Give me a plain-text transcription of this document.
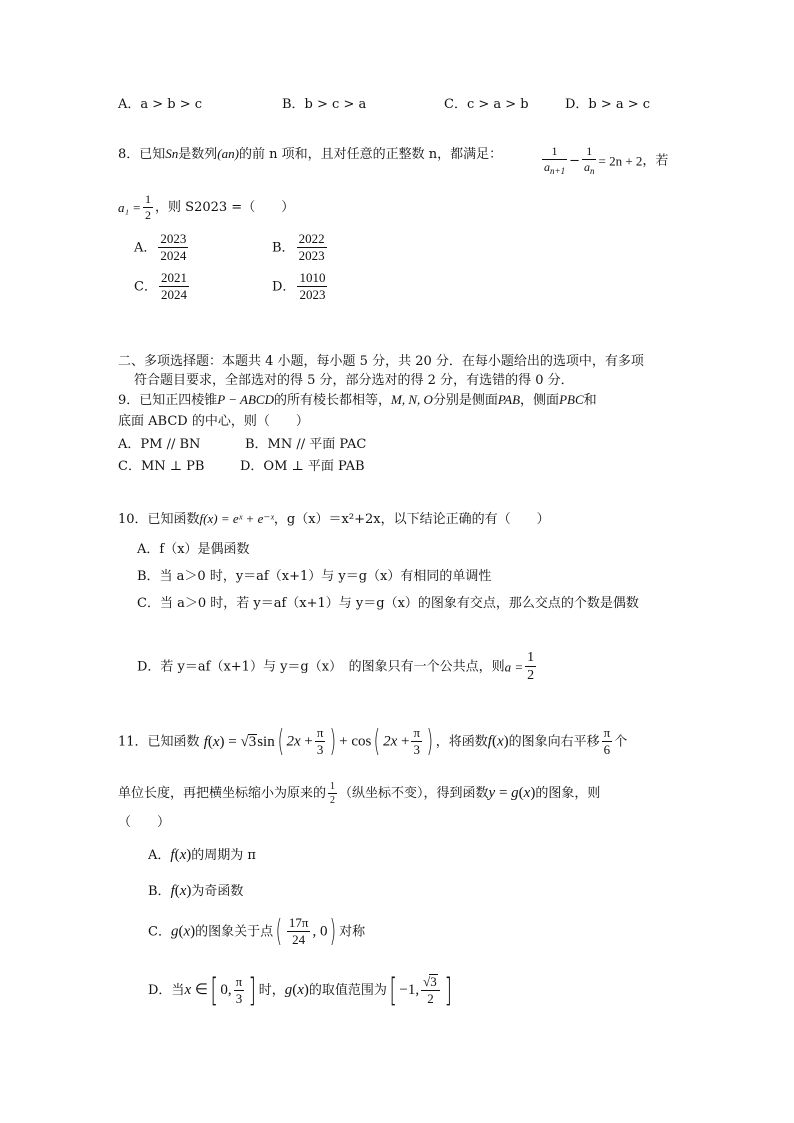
A．a > b > c	B．b > c > a	C．c > a > b	D．b > a > c
8．已知Sn是数列(an)的前 n 项和，且对任意的正整数 n，都满足：	$\frac{1}{a_{n+1}} - \frac{1}{a_n} = 2n + 2$，若
$a_1 = \frac{1}{2}$ ，则 S2023 =（　　）
A． $\frac{2023}{2024}$	B． $\frac{2022}{2023}$
C． $\frac{2021}{2024}$	D． $\frac{1010}{2023}$
二、多项选择题：本题共 4 小题，每小题 5 分，共 20 分．在每小题给出的选项中，有多项
符合题目要求，全部选对的得 5 分，部分选对的得 2 分，有选错的得 0 分．
9．已知正四棱锥P − ABCD的所有棱长都相等，M, N, O分别是侧面PAB，侧面PBC和
底面 ABCD 的中心，则（　　）
A．PM // BN	B．MN // 平面 PAC
C．MN ⊥ PB	D．OM ⊥ 平面 PAB
10．已知函数f(x) = eˣ + e⁻ˣ，g（x）＝x²+2x，以下结论正确的有（　　）
A．f（x）是偶函数
B．当 a＞0 时，y＝af（x+1）与 y＝g（x）有相同的单调性
C．当 a＞0 时，若 y＝af（x+1）与 y＝g（x）的图象有交点，那么交点的个数是偶数
D．若 y＝af（x+1）与 y＝g（x）　的图象只有一个公共点，则$a = \frac{1}{2}$
11．已知函数 f(x) = √3sin( $2x + \frac{\pi}{3}$ ) + cos( $2x + \frac{\pi}{3}$ ) ，将函数f(x)的图象向右平移 $\frac{\pi}{6}$ 个
单位长度，再把横坐标缩小为原来的 $\frac{1}{2}$ （纵坐标不变），得到函数y = g(x)的图象，则
（　　）
A．f(x)的周期为 π
B．f(x)为奇函数
C．g(x)的图象关于点( $\frac{17\pi}{24}$ , 0) 对称
D．当x ∈[ 0, $\frac{\pi}{3}$ ] 时，g(x)的取值范围为[ −1, $\frac{√3}{2}$ ]
